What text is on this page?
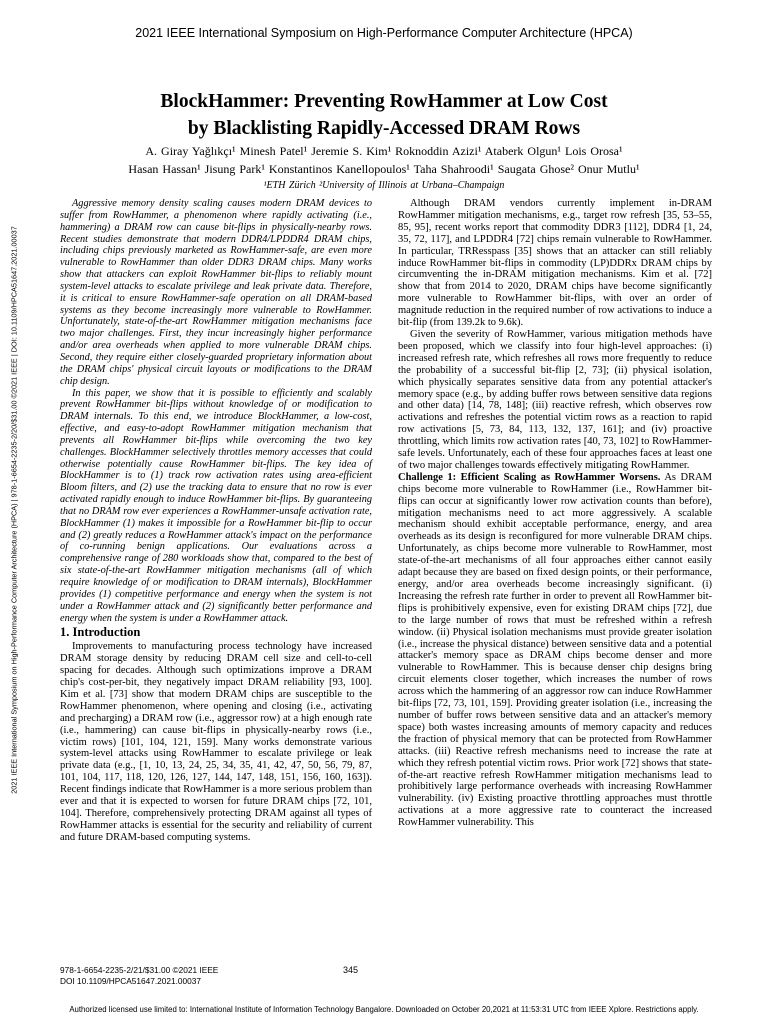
2021 IEEE International Symposium on High-Performance Computer Architecture (HPCA)
2021 IEEE International Symposium on High-Performance Computer Architecture (HPCA) | 978-1-6654-2235-2/20/$31.00 ©2021 IEEE | DOI: 10.1109/HPCA51647.2021.00037
BlockHammer: Preventing RowHammer at Low Cost
by Blacklisting Rapidly-Accessed DRAM Rows
A. Giray Yağlıkçı¹ Minesh Patel¹ Jeremie S. Kim¹ Roknoddin Azizi¹ Ataberk Olgun¹ Lois Orosa¹
Hasan Hassan¹ Jisung Park¹ Konstantinos Kanellopoulos¹ Taha Shahroodi¹ Saugata Ghose² Onur Mutlu¹
¹ETH Zürich ²University of Illinois at Urbana–Champaign

Aggressive memory density scaling causes modern DRAM devices to suffer from RowHammer, a phenomenon where rapidly activating (i.e., hammering) a DRAM row can cause bit-flips in physically-nearby rows. Recent studies demonstrate that modern DDR4/LPDDR4 DRAM chips, including chips previously marketed as RowHammer-safe, are even more vulnerable to RowHammer than older DDR3 DRAM chips. Many works show that attackers can exploit RowHammer bit-flips to reliably mount system-level attacks to escalate privilege and leak private data. Therefore, it is critical to ensure RowHammer-safe operation on all DRAM-based systems as they become increasingly more vulnerable to RowHammer. Unfortunately, state-of-the-art RowHammer mitigation mechanisms face two major challenges. First, they incur increasingly higher performance and/or area overheads when applied to more vulnerable DRAM chips. Second, they require either closely-guarded proprietary information about the DRAM chips' physical circuit layouts or modifications to the DRAM chip design.

In this paper, we show that it is possible to efficiently and scalably prevent RowHammer bit-flips without knowledge of or modification to DRAM internals. To this end, we introduce BlockHammer, a low-cost, effective, and easy-to-adopt RowHammer mitigation mechanism that prevents all RowHammer bit-flips while overcoming the two key challenges. BlockHammer selectively throttles memory accesses that could otherwise potentially cause RowHammer bit-flips. The key idea of BlockHammer is to (1) track row activation rates using area-efficient Bloom filters, and (2) use the tracking data to ensure that no row is ever activated rapidly enough to induce RowHammer bit-flips. By guaranteeing that no DRAM row ever experiences a RowHammer-unsafe activation rate, BlockHammer (1) makes it impossible for a RowHammer bit-flip to occur and (2) greatly reduces a RowHammer attack's impact on the performance of co-running benign applications. Our evaluations across a comprehensive range of 280 workloads show that, compared to the best of six state-of-the-art RowHammer mitigation mechanisms (all of which require knowledge of or modification to DRAM internals), BlockHammer provides (1) competitive performance and energy when the system is not under a RowHammer attack and (2) significantly better performance and energy when the system is under a RowHammer attack.

1. Introduction

Improvements to manufacturing process technology have increased DRAM storage density by reducing DRAM cell size and cell-to-cell spacing for decades. Although such optimizations improve a DRAM chip's cost-per-bit, they negatively impact DRAM reliability [93, 100]. Kim et al. [73] show that modern DRAM chips are susceptible to the RowHammer phenomenon, where opening and closing (i.e., activating and precharging) a DRAM row (i.e., aggressor row) at a high enough rate (i.e., hammering) can cause bit-flips in physically-nearby rows (i.e., victim rows) [101, 104, 121, 159]. Many works demonstrate various system-level attacks using RowHammer to escalate privilege or leak private data (e.g., [1, 10, 13, 24, 25, 34, 35, 41, 42, 47, 50, 56, 79, 87, 101, 104, 117, 118, 120, 126, 127, 144, 147, 148, 151, 156, 160, 163]). Recent findings indicate that RowHammer is a more serious problem than ever and that it is expected to worsen for future DRAM chips [72, 101, 104]. Therefore, comprehensively protecting DRAM against all types of RowHammer attacks is essential for the security and reliability of current and future DRAM-based computing systems.

Although DRAM vendors currently implement in-DRAM RowHammer mitigation mechanisms, e.g., target row refresh [35, 53–55, 85, 95], recent works report that commodity DDR3 [112], DDR4 [1, 24, 35, 72, 117], and LPDDR4 [72] chips remain vulnerable to RowHammer. In particular, TRResspass [35] shows that an attacker can still reliably induce RowHammer bit-flips in commodity (LP)DDRx DRAM chips by circumventing the in-DRAM mitigation mechanisms. Kim et al. [72] show that from 2014 to 2020, DRAM chips have become significantly more vulnerable to RowHammer bit-flips, with over an order of magnitude reduction in the required number of row activations to induce a bit-flip (from 139.2k to 9.6k).

Given the severity of RowHammer, various mitigation methods have been proposed, which we classify into four high-level approaches: (i) increased refresh rate, which refreshes all rows more frequently to reduce the probability of a successful bit-flip [2, 73]; (ii) physical isolation, which physically separates sensitive data from any potential attacker's memory space (e.g., by adding buffer rows between sensitive data regions and other data) [14, 78, 148]; (iii) reactive refresh, which observes row activations and refreshes the potential victim rows as a reaction to rapid row activations [5, 73, 84, 113, 132, 137, 161]; and (iv) proactive throttling, which limits row activation rates [40, 73, 102] to RowHammer-safe levels. Unfortunately, each of these four approaches faces at least one of two major challenges towards effectively mitigating RowHammer.

Challenge 1: Efficient Scaling as RowHammer Worsens. As DRAM chips become more vulnerable to RowHammer (i.e., RowHammer bit-flips can occur at significantly lower row activation counts than before), mitigation mechanisms need to act more aggressively. A scalable mechanism should exhibit acceptable performance, energy, and area overheads as its design is reconfigured for more vulnerable DRAM chips. Unfortunately, as chips become more vulnerable to RowHammer, most state-of-the-art mechanisms of all four approaches either cannot easily adapt because they are based on fixed design points, or their performance, energy, and/or area overheads become increasingly significant. (i) Increasing the refresh rate further in order to prevent all RowHammer bit-flips is prohibitively expensive, even for existing DRAM chips [72], due to the large number of rows that must be refreshed within a refresh window. (ii) Physical isolation mechanisms must provide greater isolation (i.e., increase the physical distance) between sensitive data and a potential attacker's memory space as DRAM chips become denser and more vulnerable to RowHammer. This is because denser chip designs bring circuit elements closer together, which increases the number of rows across which the hammering of an aggressor row can induce RowHammer bit-flips [72, 73, 101, 159]. Providing greater isolation (i.e., increasing the number of buffer rows between sensitive data and an attacker's memory space) both wastes increasing amounts of memory capacity and reduces the fraction of physical memory that can be protected from RowHammer attacks. (iii) Reactive refresh mechanisms need to increase the rate at which they refresh potential victim rows. Prior work [72] shows that state-of-the-art reactive refresh RowHammer mitigation mechanisms lead to prohibitively large performance overheads with increasing RowHammer vulnerability. (iv) Existing proactive throttling approaches must throttle activations at a more aggressive rate to counteract the increased RowHammer vulnerability. This

978-1-6654-2235-2/21/$31.00 ©2021 IEEE
DOI 10.1109/HPCA51647.2021.00037
345
Authorized licensed use limited to: International Institute of Information Technology Bangalore. Downloaded on October 20,2021 at 11:53:31 UTC from IEEE Xplore. Restrictions apply.
